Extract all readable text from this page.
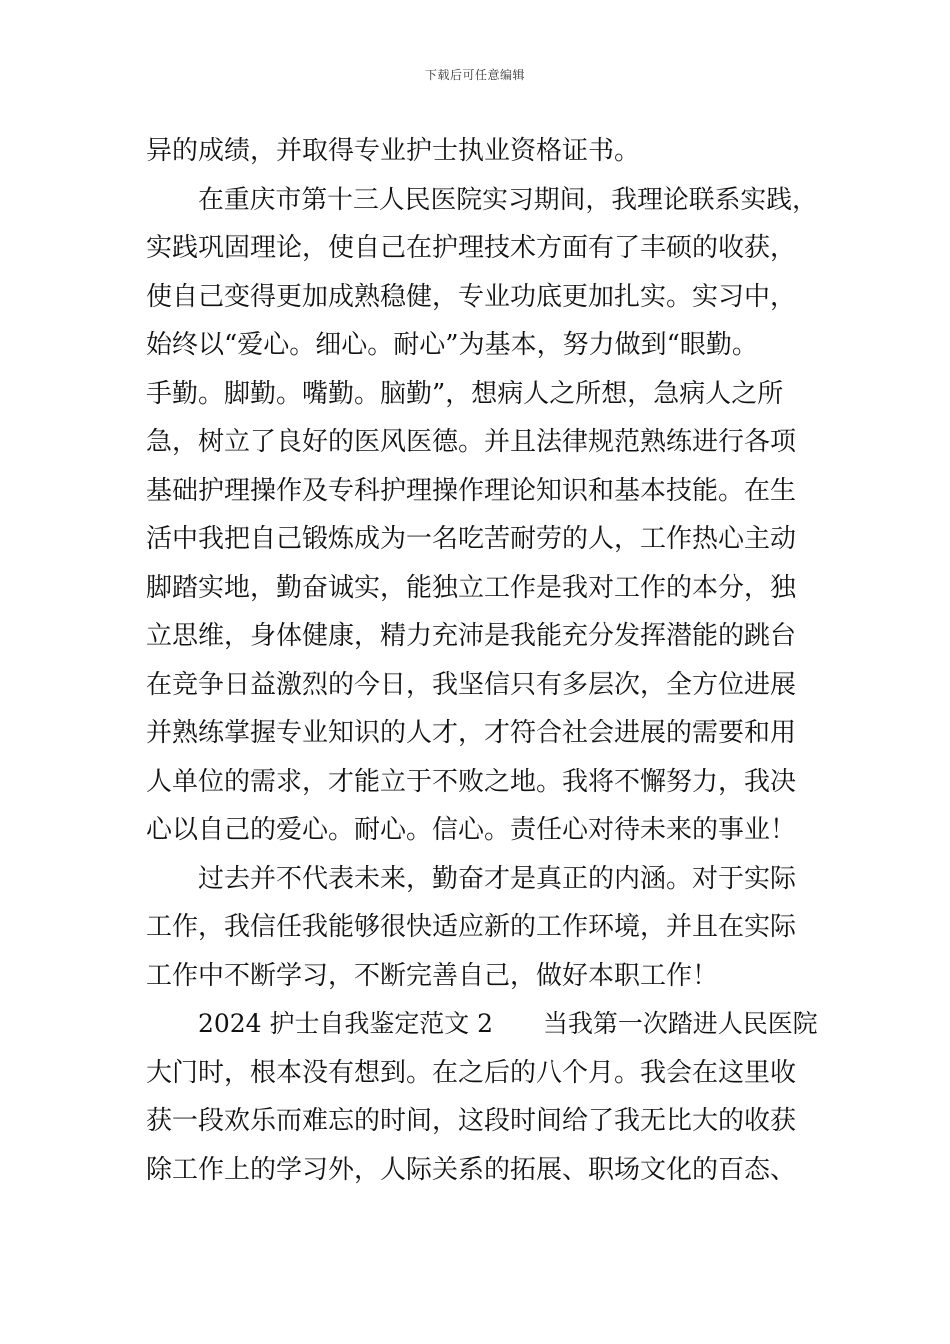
下载后可任意编辑
异的成绩，并取得专业护士执业资格证书。
在重庆市第十三人民医院实习期间，我理论联系实践，
实践巩固理论，使自己在护理技术方面有了丰硕的收获，
使自己变得更加成熟稳健，专业功底更加扎实。实习中，
始终以“爱心。细心。耐心”为基本，努力做到“眼勤。
手勤。脚勤。嘴勤。脑勤”，想病人之所想，急病人之所
急，树立了良好的医风医德。并且法律规范熟练进行各项
基础护理操作及专科护理操作理论知识和基本技能。在生
活中我把自己锻炼成为一名吃苦耐劳的人，工作热心主动
脚踏实地，勤奋诚实，能独立工作是我对工作的本分，独
立思维，身体健康，精力充沛是我能充分发挥潜能的跳台
在竞争日益激烈的今日，我坚信只有多层次，全方位进展
并熟练掌握专业知识的人才，才符合社会进展的需要和用
人单位的需求，才能立于不败之地。我将不懈努力，我决
心以自己的爱心。耐心。信心。责任心对待未来的事业！
过去并不代表未来，勤奋才是真正的内涵。对于实际
工作，我信任我能够很快适应新的工作环境，并且在实际
工作中不断学习，不断完善自己，做好本职工作！
2024 护士自我鉴定范文 2　　当我第一次踏进人民医院
大门时，根本没有想到。在之后的八个月。我会在这里收
获一段欢乐而难忘的时间，这段时间给了我无比大的收获
除工作上的学习外，人际关系的拓展、职场文化的百态、
